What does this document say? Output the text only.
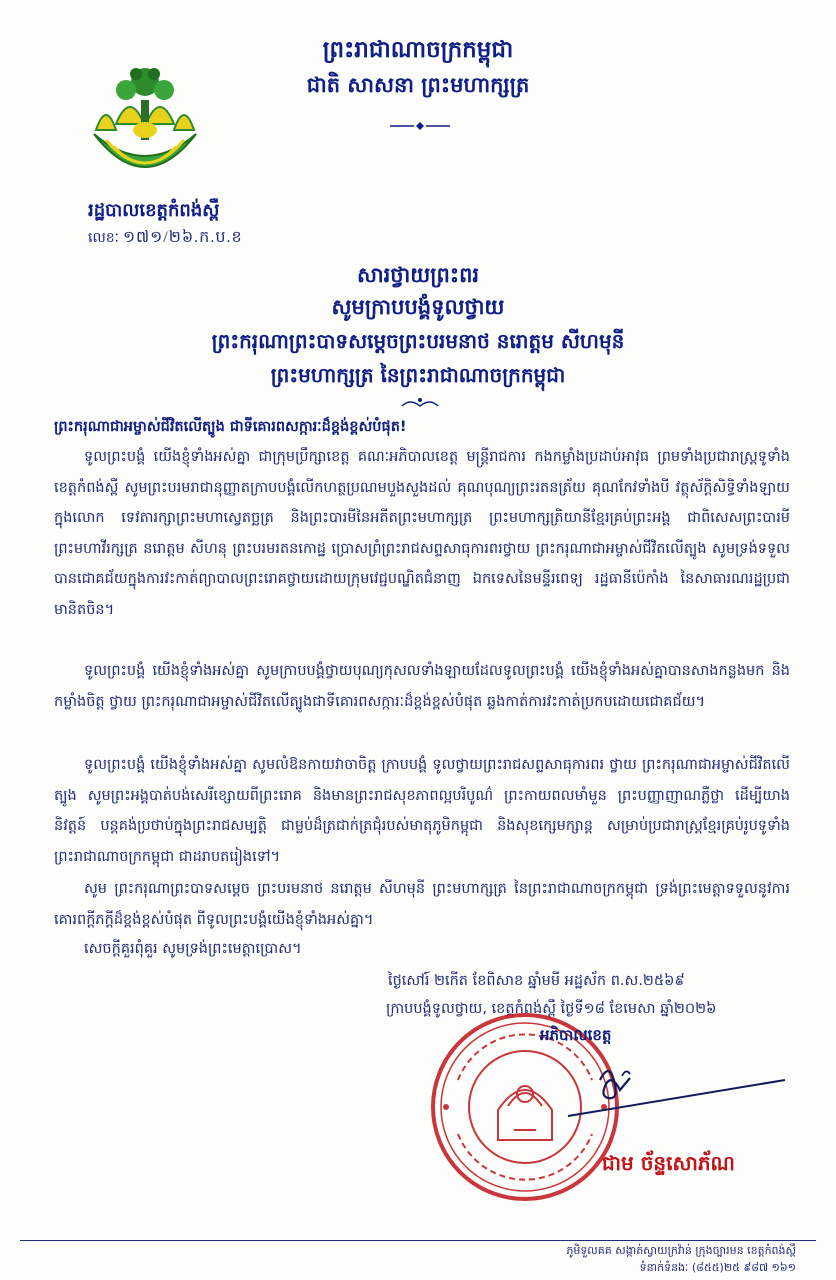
រដ្ឋបាលខេត្តកំពង់ស្ពឺ
លេខៈ ១៧១/២៦.ក.ប.ខ
ព្រះរាជាណាចក្រកម្ពុជា
ជាតិ សាសនា ព្រះមហាក្សត្រ
សារថ្វាយព្រះពរ
សូមក្រាបបង្គំទូលថ្វាយ
ព្រះករុណាព្រះបាទសម្តេចព្រះបរមនាថ នរោត្តម សីហមុនី
ព្រះមហាក្សត្រ នៃព្រះរាជាណាចក្រកម្ពុជា
ព្រះករុណាជាអម្ចាស់ជីវិតលើត្បូង ជាទីគោរពសក្ការៈដ៏ខ្ពង់ខ្ពស់បំផុត!

ទូលព្រះបង្គំ យើងខ្ញុំទាំងអស់គ្នា ជាក្រុមប្រឹក្សាខេត្ត គណៈអភិបាលខេត្ត មន្ត្រីរាជការ កងកម្លាំងប្រដាប់អាវុធ ព្រមទាំងប្រជារាស្ត្រទូទាំងខេត្តកំពង់ស្ពឺ សូមព្រះបរមរាជានុញ្ញាតក្រាបបង្គំលើកហត្ថប្រណមបួងសួងដល់ គុណបុណ្យព្រះរតនត្រ័យ គុណកែវទាំងបី វត្ថុស័ក្តិសិទ្ធិទាំងឡាយក្នុងលោក ទេវតារក្សាព្រះមហាស្វេតច្ឆត្រ និងព្រះបារមីនៃអតីតព្រះមហាក្សត្រ ព្រះមហាក្សត្រិយានីខ្មែរគ្រប់ព្រះអង្គ ជាពិសេសព្រះបារមី ព្រះមហាវីរក្សត្រ នរោត្តម សីហនុ ព្រះបរមរតនកោដ្ឋ ប្រោសព្រំព្រះរាជសព្ទសាធុការពរថ្វាយ ព្រះករុណាជាអម្ចាស់ជីវិតលើត្បូង សូមទ្រង់ទទួលបានជោគជ័យក្នុងការវះកាត់ព្យាបាលព្រះរោគថ្វាយដោយក្រុមវេជ្ជបណ្ឌិតជំនាញ ឯកទេសនៃមន្ទីរពេទ្យ រដ្ឋធានីប៉េកាំង នៃសាធារណរដ្ឋប្រជាមានិតចិន។

ទូលព្រះបង្គំ យើងខ្ញុំទាំងអស់គ្នា សូមក្រាបបង្គំថ្វាយបុណ្យកុសលទាំងឡាយដែលទូលព្រះបង្គំ យើងខ្ញុំទាំងអស់គ្នាបានសាងកន្លងមក និងកម្លាំងចិត្ត ថ្វាយ ព្រះករុណាជាអម្ចាស់ជីវិតលើត្បូងជាទីគោរពសក្ការៈដ៏ខ្ពង់ខ្ពស់បំផុត ឆ្លងកាត់ការវះកាត់ប្រកបដោយជោគជ័យ។

ទូលព្រះបង្គំ យើងខ្ញុំទាំងអស់គ្នា សូមលំឱនកាយវាចាចិត្ត ក្រាបបង្គំ ទូលថ្វាយព្រះរាជសព្ទសាធុការពរ ថ្វាយ ព្រះករុណាជាអម្ចាស់ជីវិតលើត្បូង សូមព្រះអង្គបាត់បង់សេរីខ្សោយពីព្រះរោគ និងមានព្រះរាជសុខភាពល្អបរិបូណ៌ ព្រះកាយពលមាំមួន ព្រះបញ្ញាញាណភ្លឺថ្លា ដើម្បីយាងនិវត្តន៍ បន្តគង់ប្រថាប់ក្នុងព្រះរាជសម្បត្តិ ជាម្លប់ដ៏ត្រជាក់ត្រជុំរបស់មាតុភូមិកម្ពុជា និងសុខក្សេមក្សាន្ត សម្រាប់ប្រជារាស្ត្រខ្មែរគ្រប់រូបទូទាំងព្រះរាជាណាចក្រកម្ពុជា ជាដរាបតរៀងទៅ។

សូម ព្រះករុណាព្រះបាទសម្តេច ព្រះបរមនាថ នរោត្តម សីហមុនី ព្រះមហាក្សត្រ នៃព្រះរាជាណាចក្រកម្ពុជា ទ្រង់ព្រះមេត្តាទទួលនូវការគោរពក្តីភក្តីដ៏ខ្ពង់ខ្ពស់បំផុត ពីទូលព្រះបង្គំយើងខ្ញុំទាំងអស់គ្នា។

សេចក្តីគួរពុំគួរ សូមទ្រង់ព្រះមេត្តាប្រោស។

ថ្ងៃសៅរ៍ ២កើត ខែពិសាខ ឆ្នាំមមី អដ្ឋស័ក ព.ស.២៥៦៩
ក្រាបបង្គំទូលថ្វាយ, ខេត្តកំពង់ស្ពឺ ថ្ងៃទី១៨ ខែមេសា ឆ្នាំ២០២៦
អភិបាលខេត្ត
ជាម ច័ន្ទសោភ័ណ
ភូមិទួលគគ សង្កាត់ស្វាយក្រវ៉ាន់ ក្រុងច្បារមន ខេត្តកំពង់ស្ពឺ
ទំនាក់ទំនងៈ (៨៥៥)២៥ ៩៨៧ ១៦១
